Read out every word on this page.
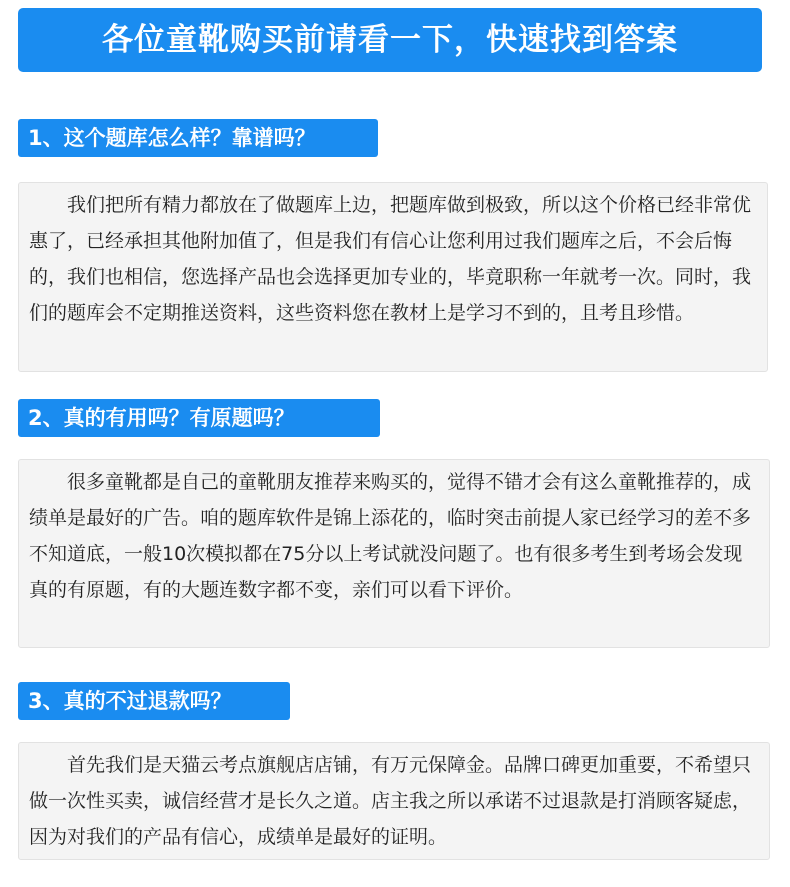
各位童靴购买前请看一下，快速找到答案
1、这个题库怎么样？靠谱吗？

我们把所有精力都放在了做题库上边，把题库做到极致，所以这个价格已经非常优惠了，已经承担其他附加值了，但是我们有信心让您利用过我们题库之后，不会后悔的，我们也相信，您选择产品也会选择更加专业的，毕竟职称一年就考一次。同时，我们的题库会不定期推送资料，这些资料您在教材上是学习不到的，且考且珍惜。

2、真的有用吗？有原题吗？

很多童靴都是自己的童靴朋友推荐来购买的，觉得不错才会有这么童靴推荐的，成绩单是最好的广告。咱的题库软件是锦上添花的，临时突击前提人家已经学习的差不多不知道底，一般10次模拟都在75分以上考试就没问题了。也有很多考生到考场会发现真的有原题，有的大题连数字都不变，亲们可以看下评价。

3、真的不过退款吗？

首先我们是天猫云考点旗舰店店铺，有万元保障金。品牌口碑更加重要，不希望只做一次性买卖，诚信经营才是长久之道。店主我之所以承诺不过退款是打消顾客疑虑，因为对我们的产品有信心，成绩单是最好的证明。
